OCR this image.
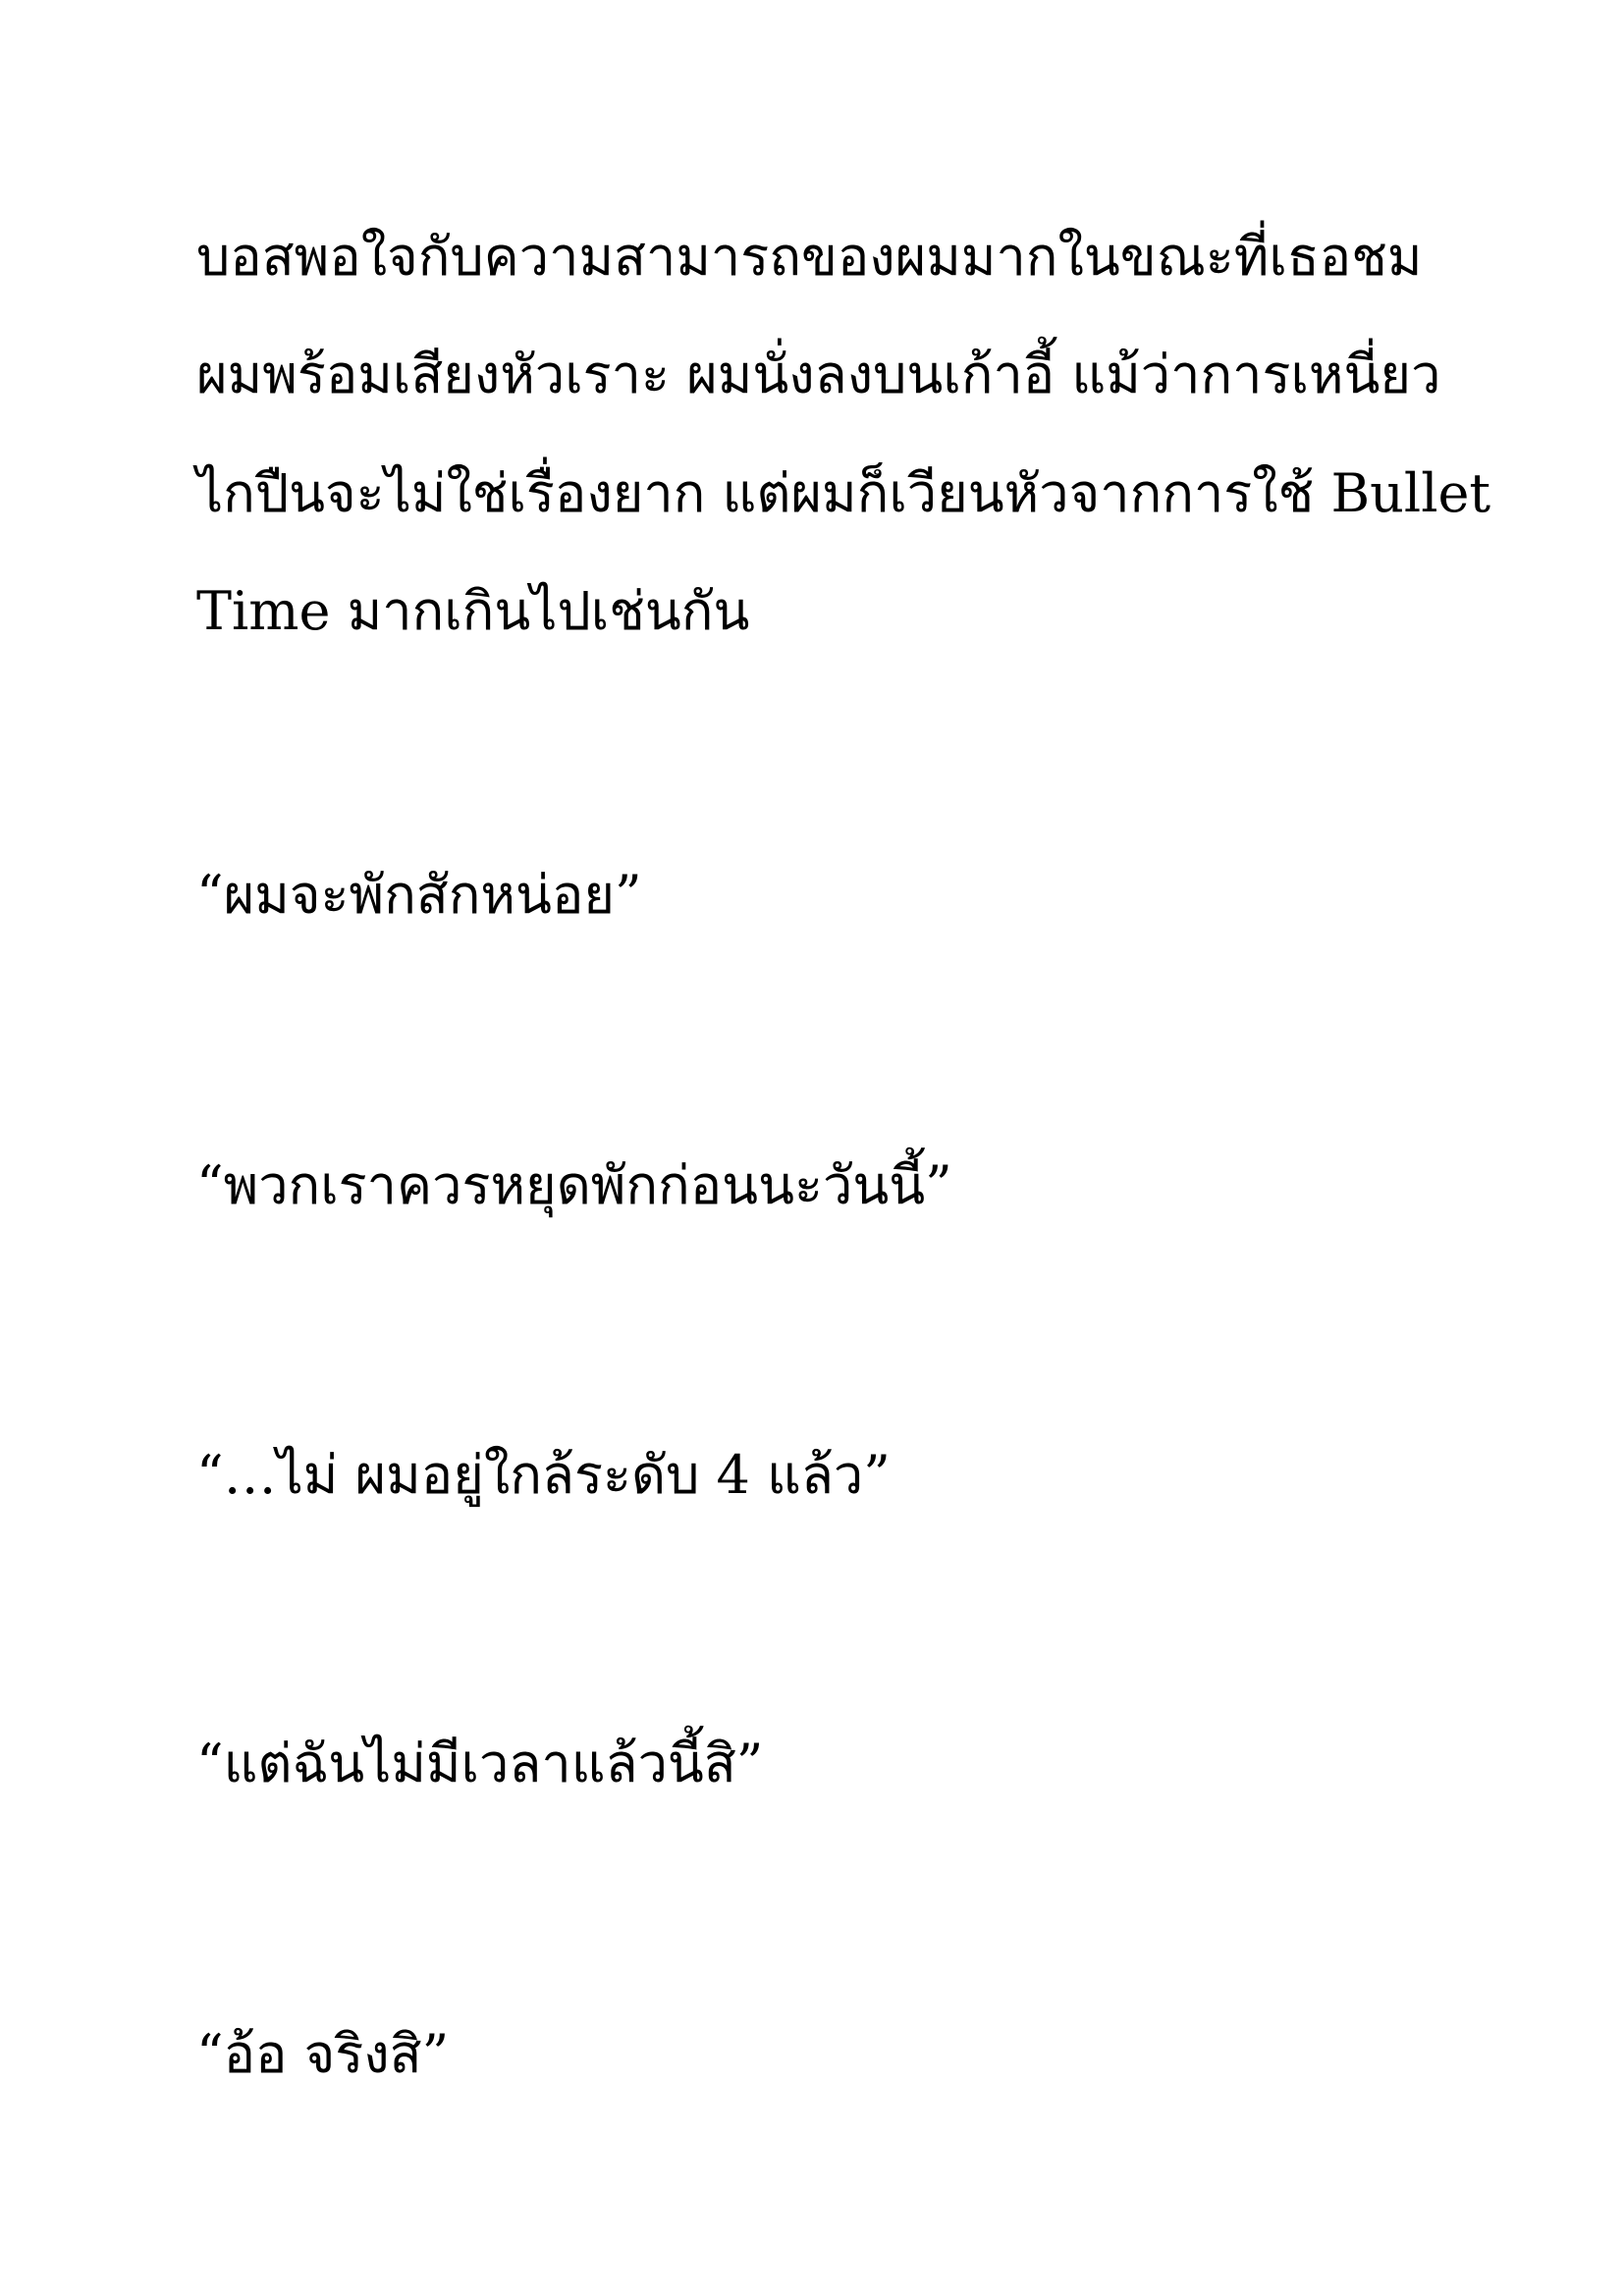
บอสพอใจกับความสามารถของผมมากในขณะที่เธอชม

ผมพร้อมเสียงหัวเราะ ผมนั่งลงบนเก้าอี้ แม้ว่าการเหนี่ยว

ไกปืนจะไม่ใช่เรื่องยาก แต่ผมก็เวียนหัวจากการใช้ Bullet

Time มากเกินไปเช่นกัน

“ผมจะพักสักหน่อย”

“พวกเราควรหยุดพักก่อนนะวันนี้”

“…ไม่ ผมอยู่ใกล้ระดับ 4 แล้ว”

“แต่ฉันไม่มีเวลาแล้วนี้สิ”

“อ้อ จริงสิ”
